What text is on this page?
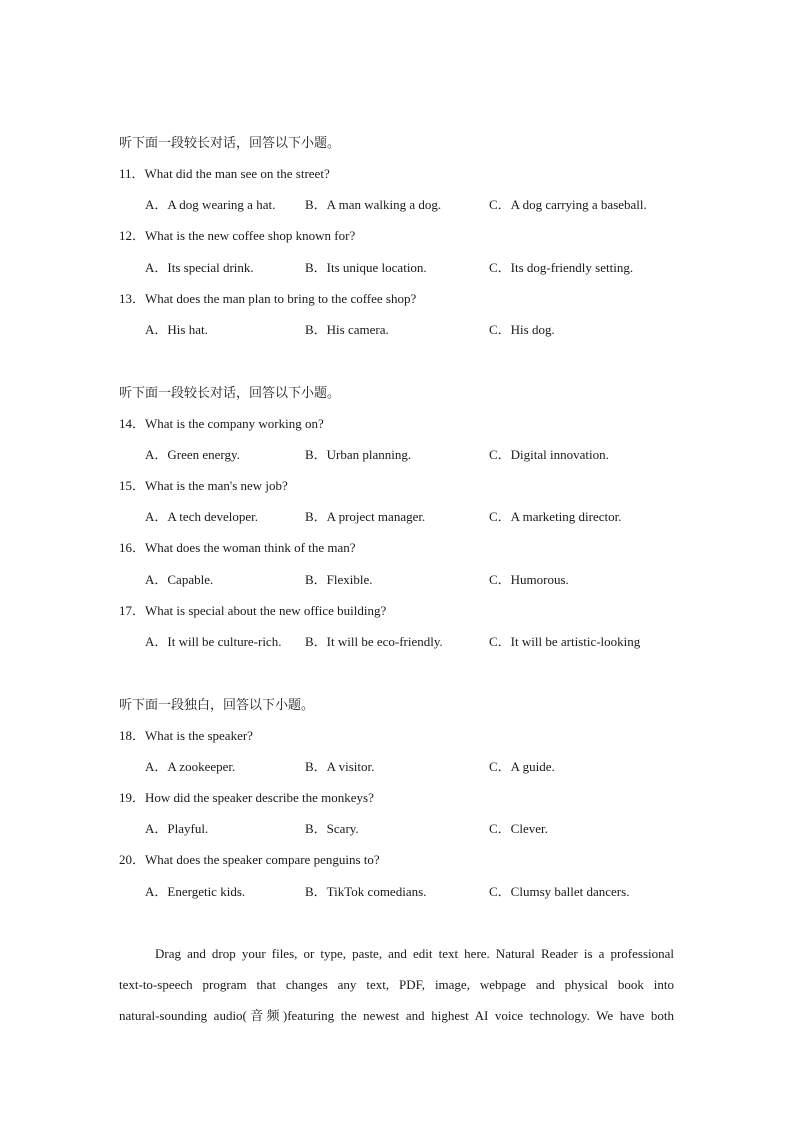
听下面一段较长对话，回答以下小题。
11．What did the man see on the street?
A．A dog wearing a hat. B．A man walking a dog.	C．A dog carrying a baseball.
12．What is the new coffee shop known for?
A．Its special drink.	B．Its unique location.	C．Its dog-friendly setting.
13．What does the man plan to bring to the coffee shop?
A．His hat.	B．His camera.	C．His dog.
听下面一段较长对话，回答以下小题。
14．What is the company working on?
A．Green energy.	B．Urban planning.	C．Digital innovation.
15．What is the man's new job?
A．A tech developer.	B．A project manager.	C．A marketing director.
16．What does the woman think of the man?
A．Capable.	B．Flexible.	C．Humorous.
17．What is special about the new office building?
A．It will be culture-rich. B．It will be eco-friendly.	C．It will be artistic-looking
听下面一段独白，回答以下小题。
18．What is the speaker?
A．A zookeeper.	B．A visitor.	C．A guide.
19．How did the speaker describe the monkeys?
A．Playful.	B．Scary.	C．Clever.
20．What does the speaker compare penguins to?
A．Energetic kids.	B．TikTok comedians.	C．Clumsy ballet dancers.
Drag and drop your files, or type, paste, and edit text here. Natural Reader is a professional
text-to-speech program that changes any text, PDF, image, webpage and physical book into
natural-sounding audio(音频)featuring the newest and highest AI voice technology. We have both
